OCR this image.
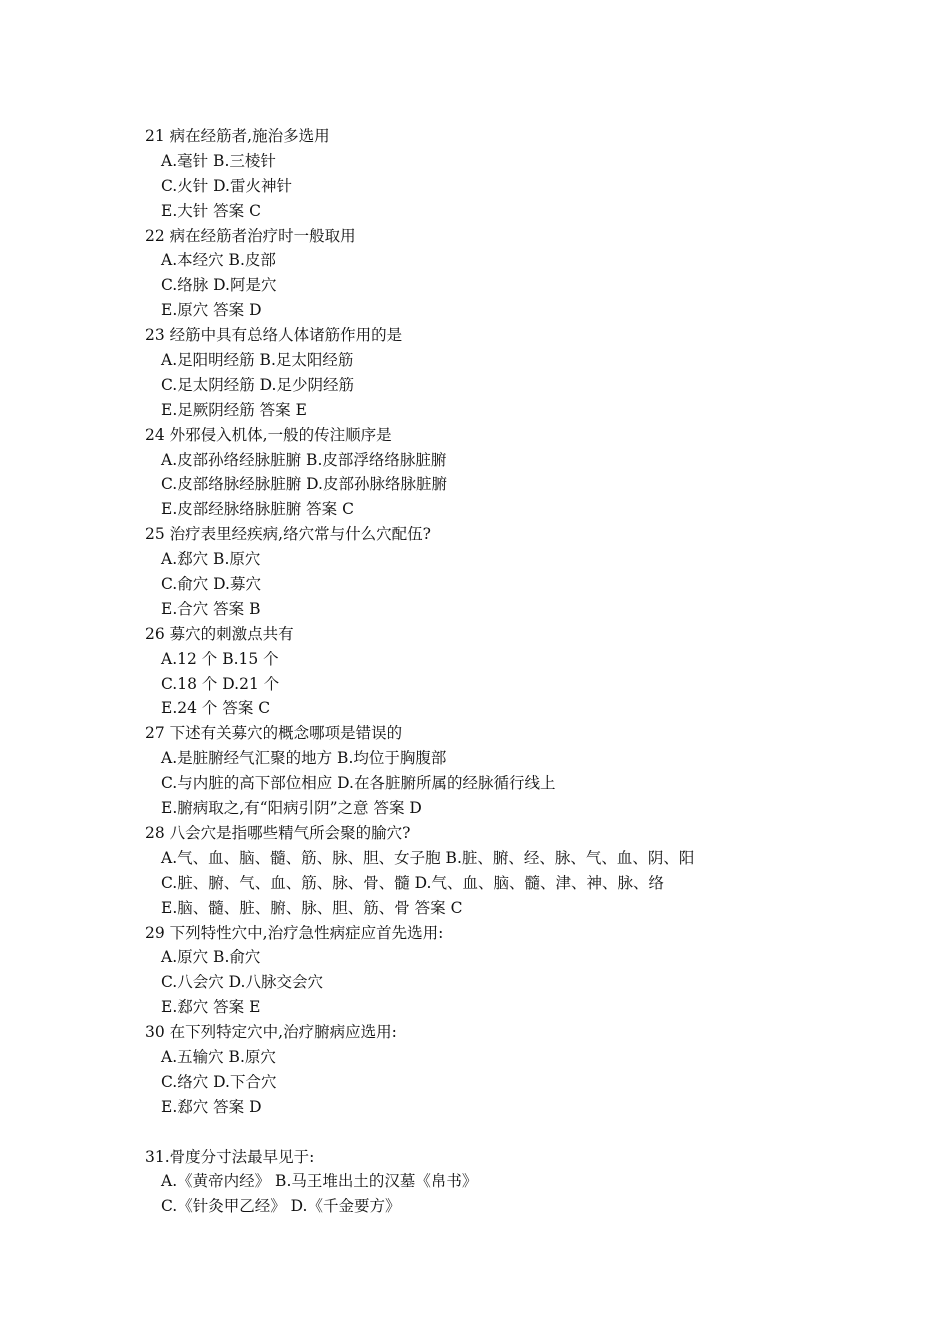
21 病在经筋者,施治多选用
A.毫针 B.三棱针
C.火针 D.雷火神针
E.大针 答案 C
22 病在经筋者治疗时一般取用
A.本经穴 B.皮部
C.络脉 D.阿是穴
E.原穴 答案 D
23 经筋中具有总络人体诸筋作用的是
A.足阳明经筋 B.足太阳经筋
C.足太阴经筋 D.足少阴经筋
E.足厥阴经筋 答案 E
24 外邪侵入机体,一般的传注顺序是
A.皮部孙络经脉脏腑 B.皮部浮络络脉脏腑
C.皮部络脉经脉脏腑 D.皮部孙脉络脉脏腑
E.皮部经脉络脉脏腑 答案 C
25 治疗表里经疾病,络穴常与什么穴配伍?
A.郄穴 B.原穴
C.俞穴 D.募穴
E.合穴 答案 B
26 募穴的刺激点共有
A.12 个 B.15 个
C.18 个 D.21 个
E.24 个 答案 C
27 下述有关募穴的概念哪项是错误的
A.是脏腑经气汇聚的地方 B.均位于胸腹部
C.与内脏的高下部位相应 D.在各脏腑所属的经脉循行线上
E.腑病取之,有“阳病引阴”之意 答案 D
28 八会穴是指哪些精气所会聚的腧穴?
A.气、血、脑、髓、筋、脉、胆、女子胞 B.脏、腑、经、脉、气、血、阴、阳
C.脏、腑、气、血、筋、脉、骨、髓 D.气、血、脑、髓、津、神、脉、络
E.脑、髓、脏、腑、脉、胆、筋、骨 答案 C
29 下列特性穴中,治疗急性病症应首先选用:
A.原穴 B.俞穴
C.八会穴 D.八脉交会穴
E.郄穴 答案 E
30 在下列特定穴中,治疗腑病应选用:
A.五输穴 B.原穴
C.络穴 D.下合穴
E.郄穴 答案 D
31.骨度分寸法最早见于:
A.《黄帝内经》 B.马王堆出土的汉墓《帛书》
C.《针灸甲乙经》 D.《千金要方》
